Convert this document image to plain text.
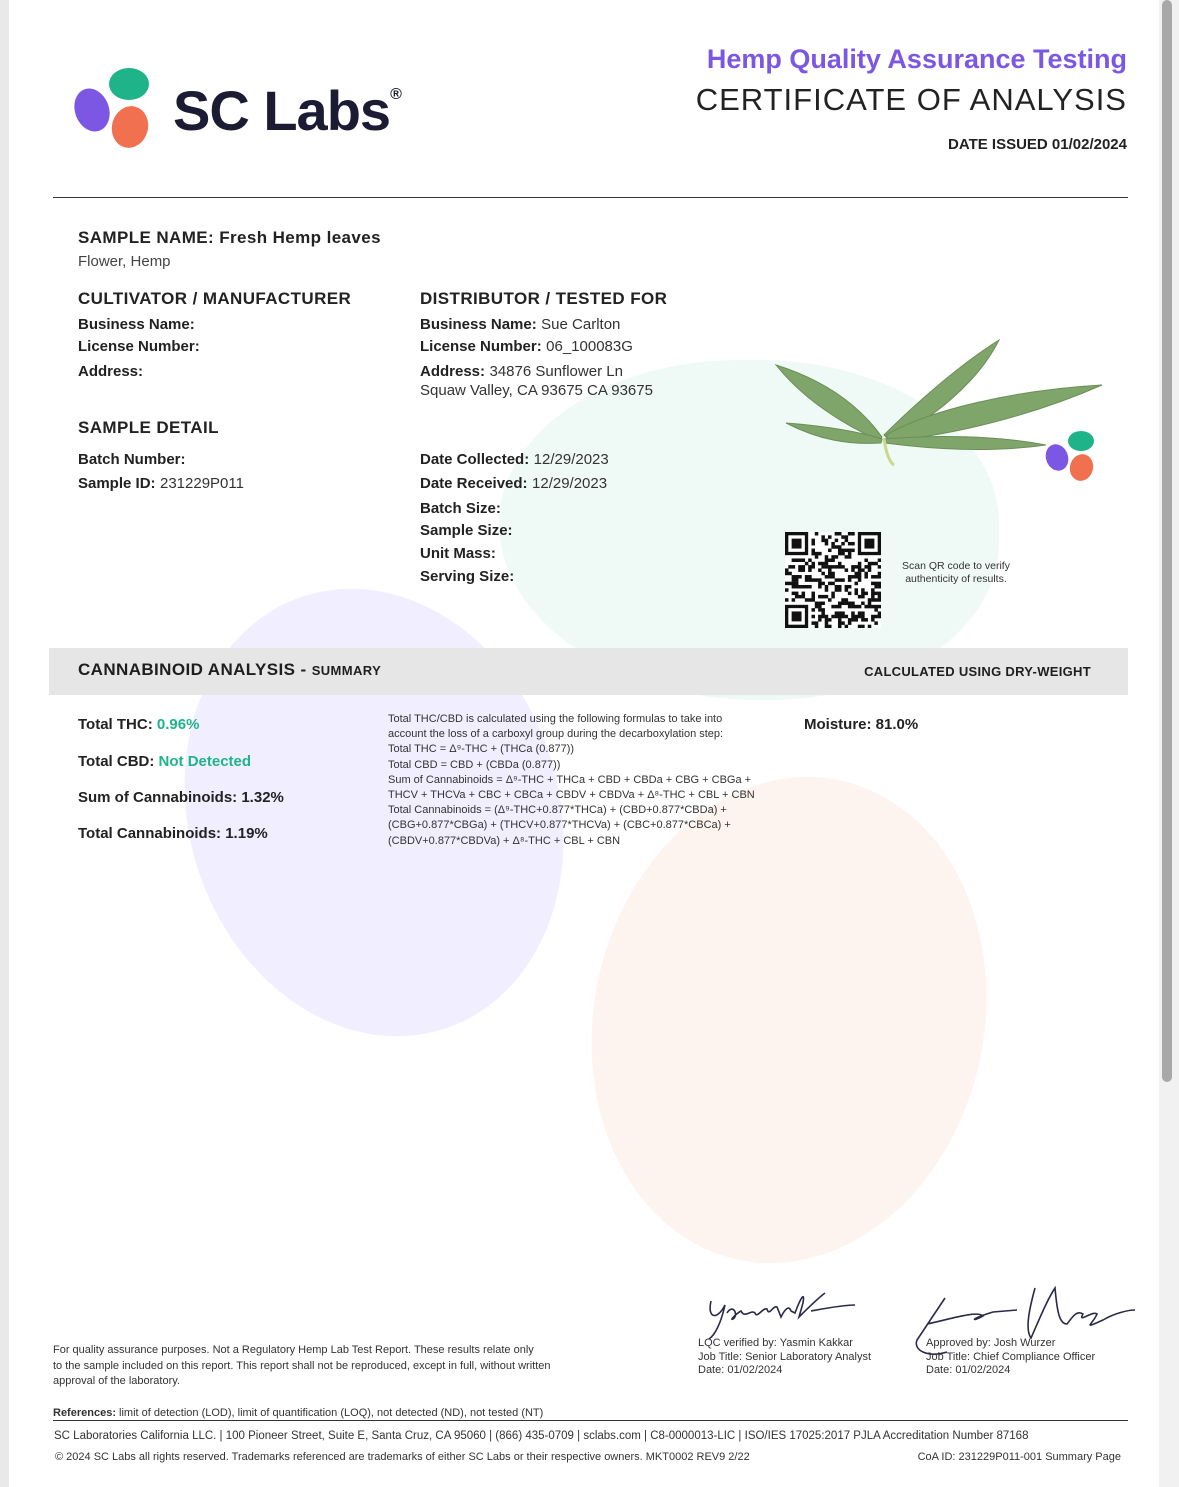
SC Labs®
Hemp Quality Assurance Testing
CERTIFICATE OF ANALYSIS
DATE ISSUED 01/02/2024
SAMPLE NAME: Fresh Hemp leaves
Flower, Hemp
CULTIVATOR / MANUFACTURER
Business Name:
License Number:
Address:
DISTRIBUTOR / TESTED FOR
Business Name: Sue Carlton
License Number: 06_100083G
Address: 34876 Sunflower Ln
Squaw Valley, CA 93675 CA 93675
SAMPLE DETAIL
Batch Number:
Sample ID: 231229P011
Date Collected: 12/29/2023
Date Received: 12/29/2023
Batch Size:
Sample Size:
Unit Mass:
Serving Size:
Scan QR code to verify
authenticity of results.
CANNABINOID ANALYSIS - SUMMARY	CALCULATED USING DRY-WEIGHT
Total THC: 0.96%
Total CBD: Not Detected
Sum of Cannabinoids: 1.32%
Total Cannabinoids: 1.19%
Total THC/CBD is calculated using the following formulas to take into
account the loss of a carboxyl group during the decarboxylation step:
Total THC = Δ⁹-THC + (THCa (0.877))
Total CBD = CBD + (CBDa (0.877))
Sum of Cannabinoids = Δ⁹-THC + THCa + CBD + CBDa + CBG + CBGa +
THCV + THCVa + CBC + CBCa + CBDV + CBDVa + Δ⁸-THC + CBL + CBN
Total Cannabinoids = (Δ⁹-THC+0.877*THCa) + (CBD+0.877*CBDa) +
(CBG+0.877*CBGa) + (THCV+0.877*THCVa) + (CBC+0.877*CBCa) +
(CBDV+0.877*CBDVa) + Δ⁸-THC + CBL + CBN
Moisture: 81.0%
LQC verified by: Yasmin Kakkar
Job Title: Senior Laboratory Analyst
Date: 01/02/2024
Approved by: Josh Wurzer
Job Title: Chief Compliance Officer
Date: 01/02/2024
For quality assurance purposes. Not a Regulatory Hemp Lab Test Report. These results relate only
to the sample included on this report. This report shall not be reproduced, except in full, without written
approval of the laboratory.
References: limit of detection (LOD), limit of quantification (LOQ), not detected (ND), not tested (NT)
SC Laboratories California LLC. | 100 Pioneer Street, Suite E, Santa Cruz, CA 95060 | (866) 435-0709 | sclabs.com | C8-0000013-LIC | ISO/IES 17025:2017 PJLA Accreditation Number 87168
© 2024 SC Labs all rights reserved. Trademarks referenced are trademarks of either SC Labs or their respective owners. MKT0002 REV9 2/22	CoA ID: 231229P011-001 Summary Page
